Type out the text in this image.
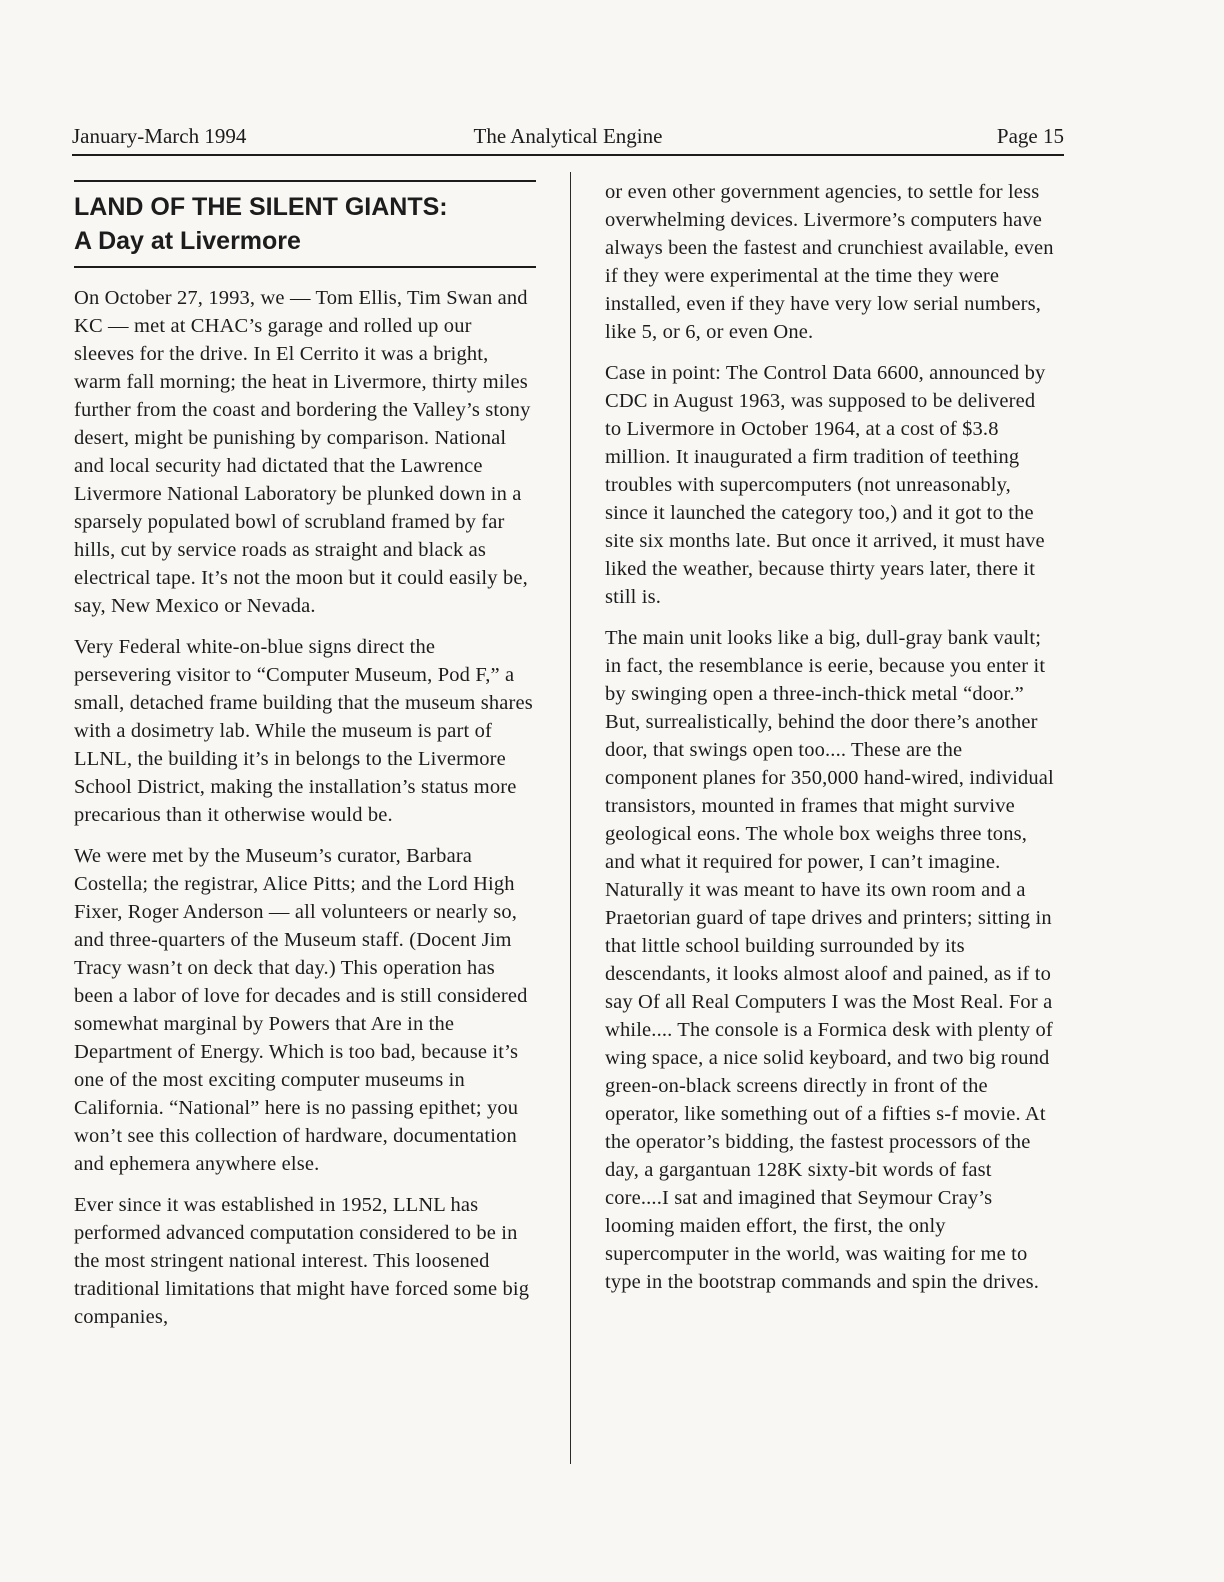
January-March 1994	The Analytical Engine	Page 15
LAND OF THE SILENT GIANTS:
A Day at Livermore

On October 27, 1993, we — Tom Ellis, Tim Swan and KC — met at CHAC’s garage and rolled up our sleeves for the drive. In El Cerrito it was a bright, warm fall morning; the heat in Livermore, thirty miles further from the coast and bordering the Valley’s stony desert, might be punishing by comparison. National and local security had dictated that the Lawrence Livermore National Laboratory be plunked down in a sparsely populated bowl of scrubland framed by far hills, cut by service roads as straight and black as electrical tape. It’s not the moon but it could easily be, say, New Mexico or Nevada.

Very Federal white-on-blue signs direct the persevering visitor to “Computer Museum, Pod F,” a small, detached frame building that the museum shares with a dosimetry lab. While the museum is part of LLNL, the building it’s in belongs to the Livermore School District, making the installation’s status more precarious than it otherwise would be.

We were met by the Museum’s curator, Barbara Costella; the registrar, Alice Pitts; and the Lord High Fixer, Roger Anderson — all volunteers or nearly so, and three-quarters of the Museum staff. (Docent Jim Tracy wasn’t on deck that day.) This operation has been a labor of love for decades and is still considered somewhat marginal by Powers that Are in the Department of Energy. Which is too bad, because it’s one of the most exciting computer museums in California. “National” here is no passing epithet; you won’t see this collection of hardware, documentation and ephemera anywhere else.

Ever since it was established in 1952, LLNL has performed advanced computation considered to be in the most stringent national interest. This loosened traditional limitations that might have forced some big companies,

or even other government agencies, to settle for less overwhelming devices. Livermore’s computers have always been the fastest and crunchiest available, even if they were experimental at the time they were installed, even if they have very low serial numbers, like 5, or 6, or even One.

Case in point: The Control Data 6600, announced by CDC in August 1963, was supposed to be delivered to Livermore in October 1964, at a cost of $3.8 million. It inaugurated a firm tradition of teething troubles with supercomputers (not unreasonably, since it launched the category too,) and it got to the site six months late. But once it arrived, it must have liked the weather, because thirty years later, there it still is.

The main unit looks like a big, dull-gray bank vault; in fact, the resemblance is eerie, because you enter it by swinging open a three-inch-thick metal “door.” But, surrealistically, behind the door there’s another door, that swings open too.... These are the component planes for 350,000 hand-wired, individual transistors, mounted in frames that might survive geological eons. The whole box weighs three tons, and what it required for power, I can’t imagine. Naturally it was meant to have its own room and a Praetorian guard of tape drives and printers; sitting in that little school building surrounded by its descendants, it looks almost aloof and pained, as if to say Of all Real Computers I was the Most Real. For a while.... The console is a Formica desk with plenty of wing space, a nice solid keyboard, and two big round green-on-black screens directly in front of the operator, like something out of a fifties s-f movie. At the operator’s bidding, the fastest processors of the day, a gargantuan 128K sixty-bit words of fast core....I sat and imagined that Seymour Cray’s looming maiden effort, the first, the only supercomputer in the world, was waiting for me to type in the bootstrap commands and spin the drives.
